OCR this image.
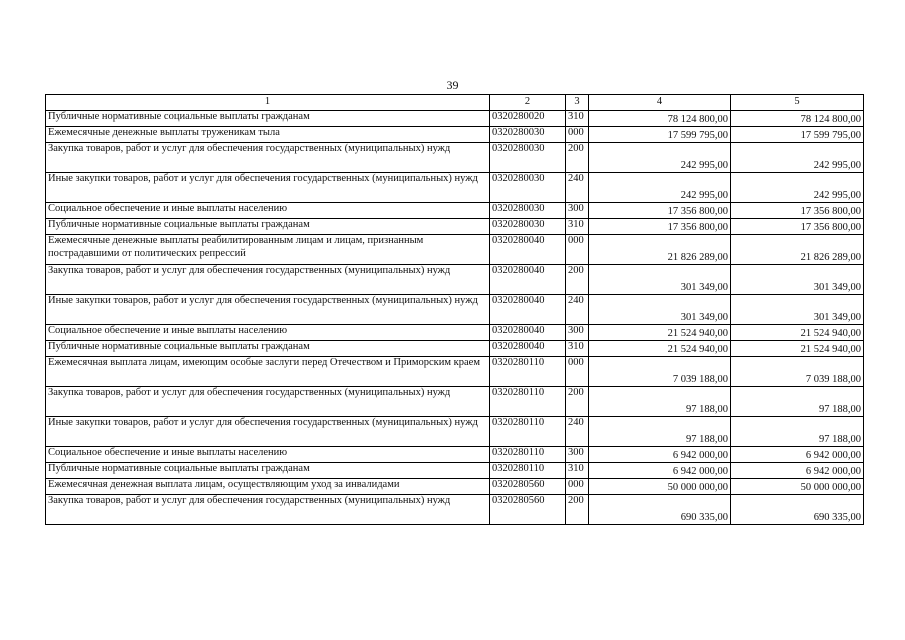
39
1	2	3	4	5
Публичные нормативные социальные выплаты гражданам	0320280020	310	78 124 800,00	78 124 800,00
Ежемесячные денежные выплаты труженикам тыла	0320280030	000	17 599 795,00	17 599 795,00
Закупка товаров, работ и услуг для обеспечения государственных (муниципальных) нужд	0320280030	200	242 995,00	242 995,00
Иные закупки товаров, работ и услуг для обеспечения государственных (муниципальных) нужд	0320280030	240	242 995,00	242 995,00
Социальное обеспечение и иные выплаты населению	0320280030	300	17 356 800,00	17 356 800,00
Публичные нормативные социальные выплаты гражданам	0320280030	310	17 356 800,00	17 356 800,00
Ежемесячные денежные выплаты реабилитированным лицам и лицам, признанным пострадавшими от политических репрессий	0320280040	000	21 826 289,00	21 826 289,00
Закупка товаров, работ и услуг для обеспечения государственных (муниципальных) нужд	0320280040	200	301 349,00	301 349,00
Иные закупки товаров, работ и услуг для обеспечения государственных (муниципальных) нужд	0320280040	240	301 349,00	301 349,00
Социальное обеспечение и иные выплаты населению	0320280040	300	21 524 940,00	21 524 940,00
Публичные нормативные социальные выплаты гражданам	0320280040	310	21 524 940,00	21 524 940,00
Ежемесячная выплата лицам, имеющим особые заслуги перед Отечеством и Приморским краем	0320280110	000	7 039 188,00	7 039 188,00
Закупка товаров, работ и услуг для обеспечения государственных (муниципальных) нужд	0320280110	200	97 188,00	97 188,00
Иные закупки товаров, работ и услуг для обеспечения государственных (муниципальных) нужд	0320280110	240	97 188,00	97 188,00
Социальное обеспечение и иные выплаты населению	0320280110	300	6 942 000,00	6 942 000,00
Публичные нормативные социальные выплаты гражданам	0320280110	310	6 942 000,00	6 942 000,00
Ежемесячная денежная выплата лицам, осуществляющим уход за инвалидами	0320280560	000	50 000 000,00	50 000 000,00
Закупка товаров, работ и услуг для обеспечения государственных (муниципальных) нужд	0320280560	200	690 335,00	690 335,00
